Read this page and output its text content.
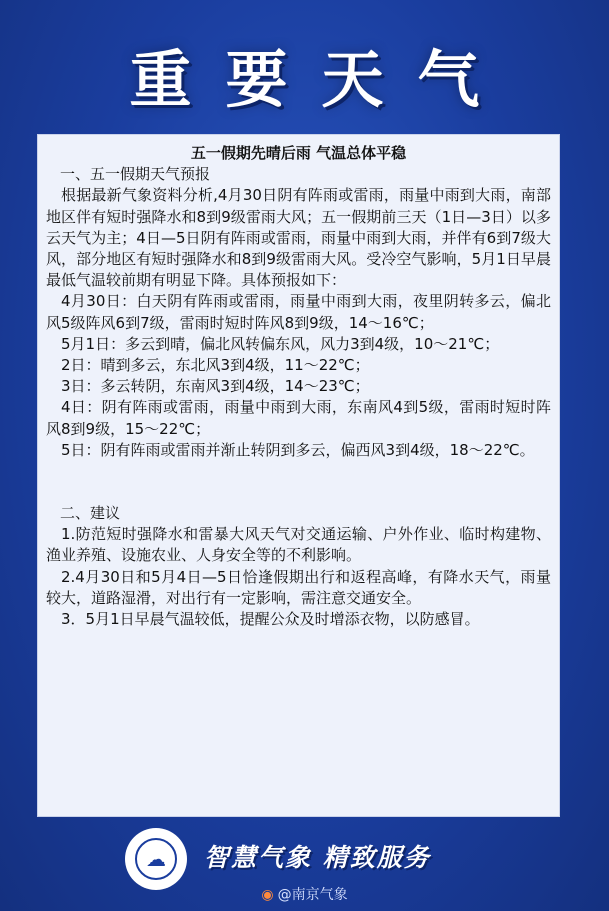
重要天气
五一假期先晴后雨 气温总体平稳
一、五一假期天气预报

根据最新气象资料分析,4月30日阴有阵雨或雷雨，雨量中雨到大雨，南部地区伴有短时强降水和8到9级雷雨大风；五一假期前三天（1日—3日）以多云天气为主；4日—5日阴有阵雨或雷雨，雨量中雨到大雨，并伴有6到7级大风，部分地区有短时强降水和8到9级雷雨大风。受冷空气影响，5月1日早晨最低气温较前期有明显下降。具体预报如下：

4月30日：白天阴有阵雨或雷雨，雨量中雨到大雨，夜里阴转多云，偏北风5级阵风6到7级，雷雨时短时阵风8到9级，14～16℃；

5月1日：多云到晴，偏北风转偏东风，风力3到4级，10～21℃；

2日：晴到多云，东北风3到4级，11～22℃；

3日：多云转阴，东南风3到4级，14～23℃；

4日：阴有阵雨或雷雨，雨量中雨到大雨，东南风4到5级，雷雨时短时阵风8到9级，15～22℃；

5日：阴有阵雨或雷雨并渐止转阴到多云，偏西风3到4级，18～22℃。

二、建议

1.防范短时强降水和雷暴大风天气对交通运输、户外作业、临时构建物、渔业养殖、设施农业、人身安全等的不利影响。

2.4月30日和5月4日—5日恰逢假期出行和返程高峰，有降水天气，雨量较大，道路湿滑，对出行有一定影响，需注意交通安全。

3．5月1日早晨气温较低，提醒公众及时增添衣物，以防感冒。

☁	智慧气象 精致服务
◉ @南京气象
